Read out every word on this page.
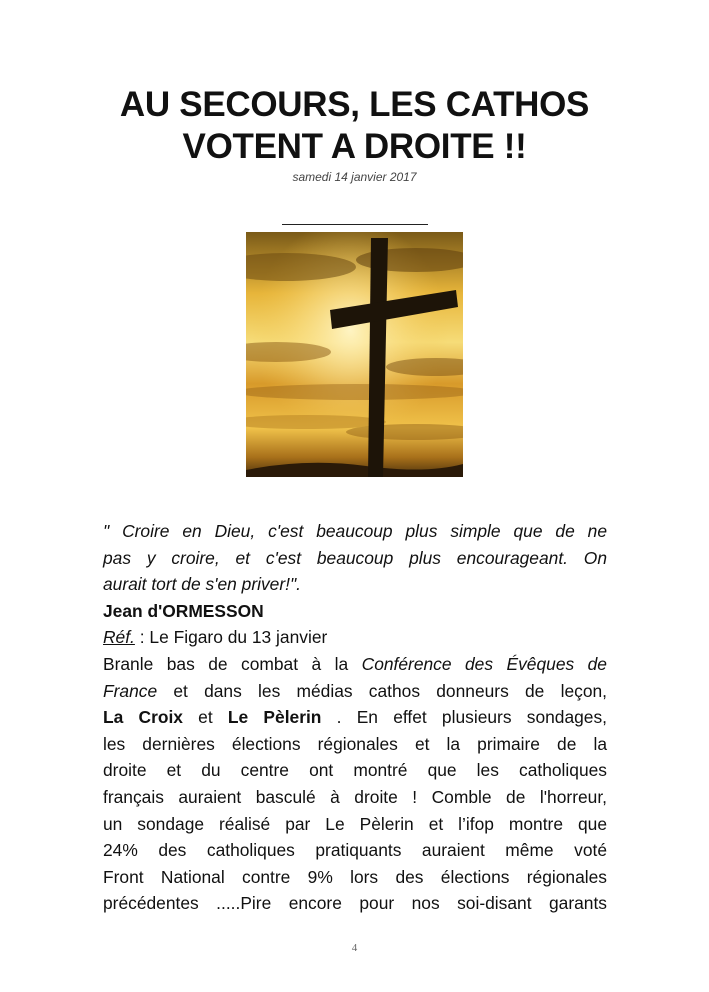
AU SECOURS, LES CATHOS
VOTENT A DROITE !!
samedi 14 janvier 2017

" Croire en Dieu, c'est beaucoup plus simple que de ne

pas y croire, et c'est beaucoup plus encourageant. On

aurait tort de s'en priver!".

Jean d'ORMESSON

Réf. : Le Figaro du 13 janvier

Branle bas de combat à la Conférence des Évêques de

France et dans les médias cathos donneurs de leçon,

La Croix et Le Pèlerin . En effet plusieurs sondages,

les dernières élections régionales et la primaire de la

droite et du centre ont montré que les catholiques

français auraient basculé à droite ! Comble de l'horreur,

un sondage réalisé par Le Pèlerin et l’ifop montre que

24% des catholiques pratiquants auraient même voté

Front National contre 9% lors des élections régionales

précédentes .....Pire encore pour nos soi-disant garants

4
